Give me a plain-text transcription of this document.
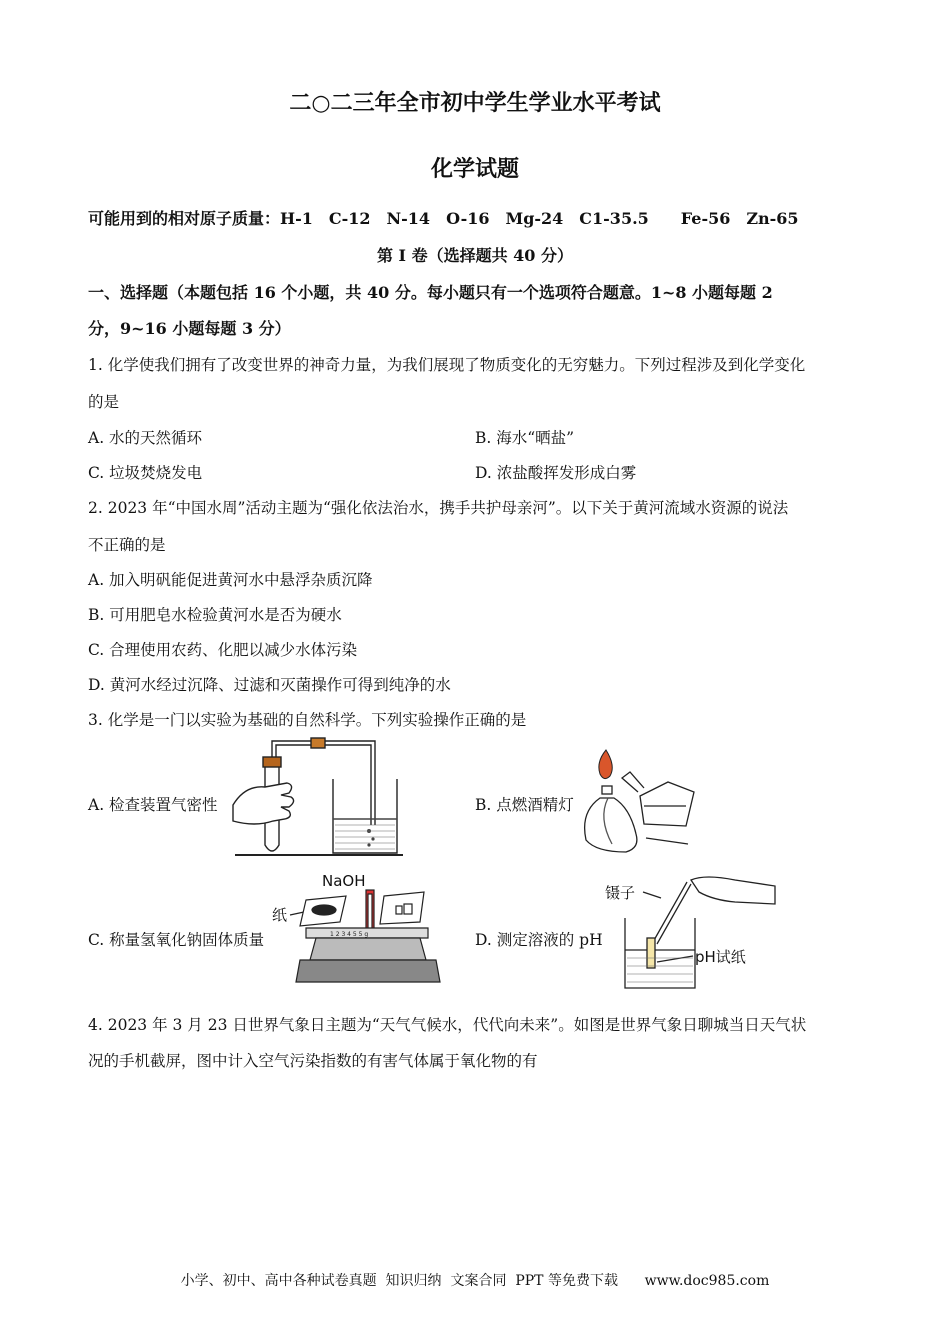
二○二三年全市初中学生学业水平考试
化学试题
可能用到的相对原子质量：H-1　C-12　N-14　O-16　Mg-24　C1-35.5　　Fe-56　Zn-65
第 I 卷（选择题共 40 分）
一、选择题（本题包括 16 个小题，共 40 分。每小题只有一个选项符合题意。1~8 小题每题 2
分，9~16 小题每题 3 分）
1. 化学使我们拥有了改变世界的神奇力量，为我们展现了物质变化的无穷魅力。下列过程涉及到化学变化
的是
A. 水的天然循环	B. 海水“晒盐”
C. 垃圾焚烧发电	D. 浓盐酸挥发形成白雾
2. 2023 年“中国水周”活动主题为“强化依法治水，携手共护母亲河”。以下关于黄河流域水资源的说法
不正确的是
A. 加入明矾能促进黄河水中悬浮杂质沉降
B. 可用肥皂水检验黄河水是否为硬水
C. 合理使用农药、化肥以减少水体污染
D. 黄河水经过沉降、过滤和灭菌操作可得到纯净的水
3. 化学是一门以实验为基础的自然科学。下列实验操作正确的是
A. 检查装置气密性	B. 点燃酒精灯
C. 称量氢氧化钠固体质量	D. 测定溶液的 pH
NaOH
纸
1 2 3 4 5 5 g
镊子
pH试纸
4. 2023 年 3 月 23 日世界气象日主题为“天气气候水，代代向未来”。如图是世界气象日聊城当日天气状
况的手机截屏，图中计入空气污染指数的有害气体属于氧化物的有
小学、初中、高中各种试卷真题  知识归纳  文案合同  PPT 等免费下载      www.doc985.com
